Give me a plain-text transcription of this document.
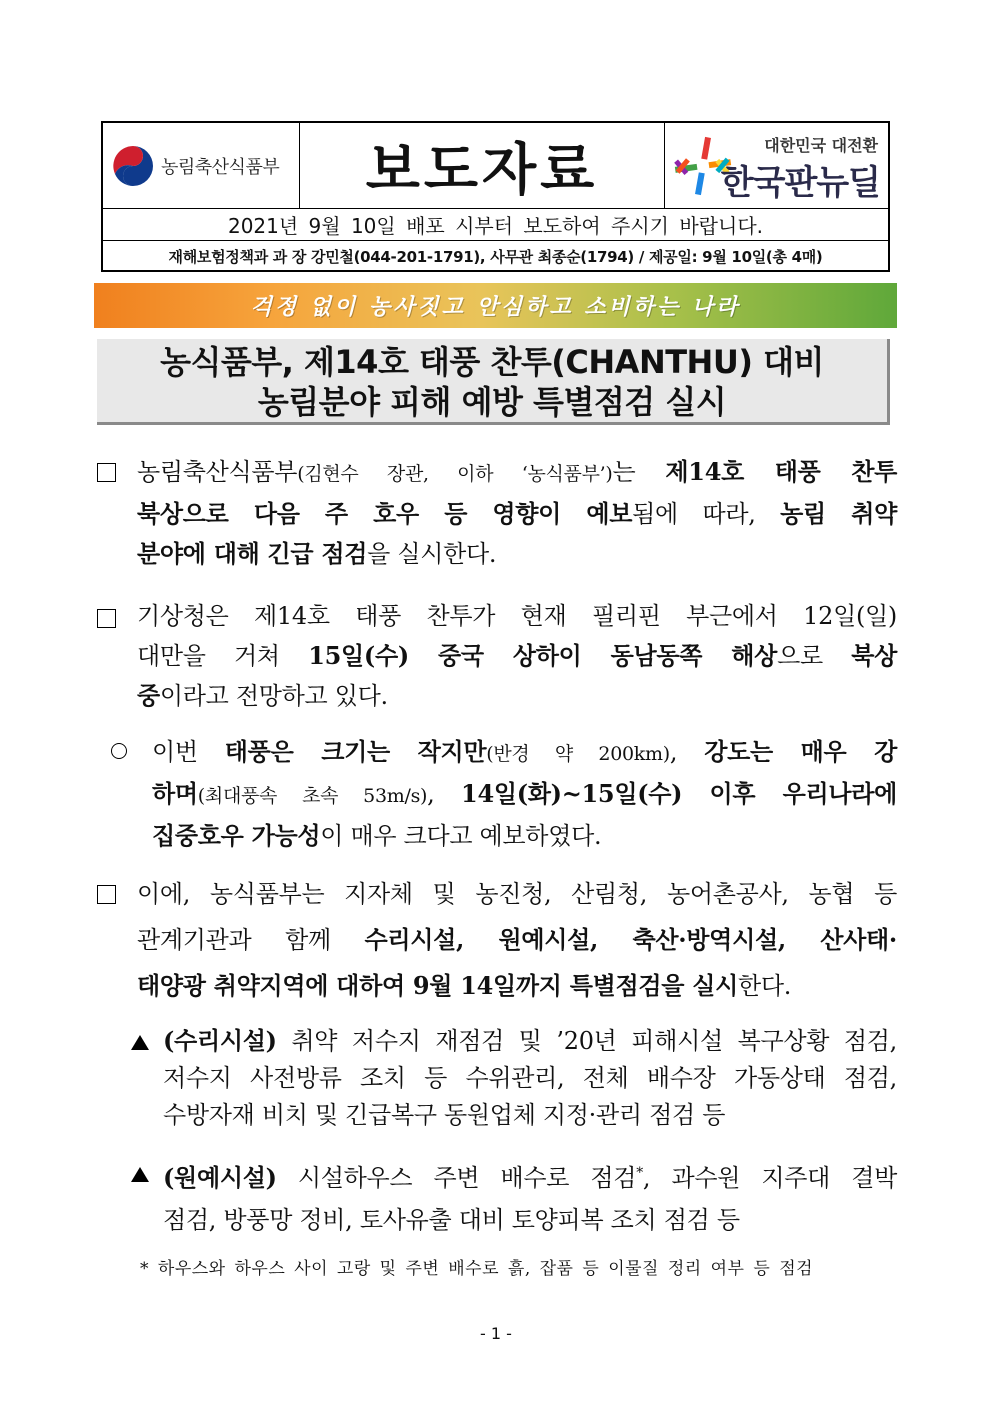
농림축산식품부	보도자료	대한민국 대전환
한국판뉴딜
2021년 9월 10일 배포 시부터 보도하여 주시기 바랍니다.
재해보험정책과 과 장 강민철(044-201-1791), 사무관 최종순(1794) / 제공일: 9월 10일(총 4매)
걱정 없이 농사짓고 안심하고 소비하는 나라
농식품부, 제14호 태풍 찬투(CHANTHU) 대비
농림분야 피해 예방 특별점검 실시
농림축산식품부(김현수 장관, 이하 ‘농식품부’)는 제14호 태풍 찬투
북상으로 다음 주 호우 등 영향이 예보됨에 따라, 농림 취약
분야에 대해 긴급 점검을 실시한다.
기상청은 제14호 태풍 찬투가 현재 필리핀 부근에서 12일(일)
대만을 거쳐 15일(수) 중국 상하이 동남동쪽 해상으로 북상
중이라고 전망하고 있다.
이번 태풍은 크기는 작지만(반경 약 200km), 강도는 매우 강
하며(최대풍속 초속 53m/s), 14일(화)~15일(수) 이후 우리나라에
집중호우 가능성이 매우 크다고 예보하였다.
이에, 농식품부는 지자체 및 농진청, 산림청, 농어촌공사, 농협 등
관계기관과 함께 수리시설, 원예시설, 축산·방역시설, 산사태·
태양광 취약지역에 대하여 9월 14일까지 특별점검을 실시한다.
(수리시설) 취약 저수지 재점검 및 ’20년 피해시설 복구상황 점검,
저수지 사전방류 조치 등 수위관리, 전체 배수장 가동상태 점검,
수방자재 비치 및 긴급복구 동원업체 지정·관리 점검 등
(원예시설) 시설하우스 주변 배수로 점검*, 과수원 지주대 결박
점검, 방풍망 정비, 토사유출 대비 토양피복 조치 점검 등
* 하우스와 하우스 사이 고랑 및 주변 배수로 흙, 잡품 등 이물질 정리 여부 등 점검
- 1 -
